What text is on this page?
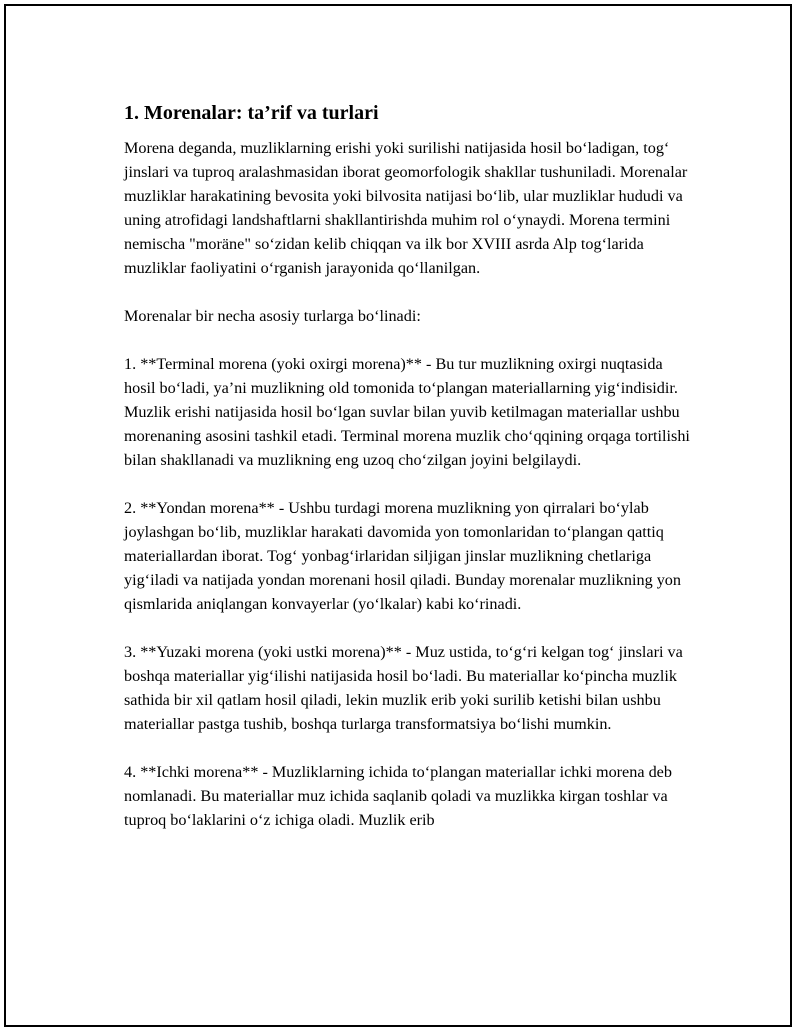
1. Morenalar: ta’rif va turlari

Morena deganda, muzliklarning erishi yoki surilishi natijasida hosil bo‘ladigan, tog‘ jinslari va tuproq aralashmasidan iborat geomorfologik shakllar tushuniladi. Morenalar muzliklar harakatining bevosita yoki bilvosita natijasi bo‘lib, ular muzliklar hududi va uning atrofidagi landshaftlarni shakllantirishda muhim rol o‘ynaydi. Morena termini nemischa "moräne" so‘zidan kelib chiqqan va ilk bor XVIII asrda Alp tog‘larida muzliklar faoliyatini o‘rganish jarayonida qo‘llanilgan.

Morenalar bir necha asosiy turlarga bo‘linadi:

1. **Terminal morena (yoki oxirgi morena)** - Bu tur muzlikning oxirgi nuqtasida hosil bo‘ladi, ya’ni muzlikning old tomonida to‘plangan materiallarning yig‘indisidir. Muzlik erishi natijasida hosil bo‘lgan suvlar bilan yuvib ketilmagan materiallar ushbu morenaning asosini tashkil etadi. Terminal morena muzlik cho‘qqining orqaga tortilishi bilan shakllanadi va muzlikning eng uzoq cho‘zilgan joyini belgilaydi.

2. **Yondan morena** - Ushbu turdagi morena muzlikning yon qirralari bo‘ylab joylashgan bo‘lib, muzliklar harakati davomida yon tomonlaridan to‘plangan qattiq materiallardan iborat. Tog‘ yonbag‘irlaridan siljigan jinslar muzlikning chetlariga yig‘iladi va natijada yondan morenani hosil qiladi. Bunday morenalar muzlikning yon qismlarida aniqlangan konvayerlar (yo‘lkalar) kabi ko‘rinadi.

3. **Yuzaki morena (yoki ustki morena)** - Muz ustida, to‘g‘ri kelgan tog‘ jinslari va boshqa materiallar yig‘ilishi natijasida hosil bo‘ladi. Bu materiallar ko‘pincha muzlik sathida bir xil qatlam hosil qiladi, lekin muzlik erib yoki surilib ketishi bilan ushbu materiallar pastga tushib, boshqa turlarga transformatsiya bo‘lishi mumkin.

4. **Ichki morena** - Muzliklarning ichida to‘plangan materiallar ichki morena deb nomlanadi. Bu materiallar muz ichida saqlanib qoladi va muzlikka kirgan toshlar va tuproq bo‘laklarini o‘z ichiga oladi. Muzlik erib
